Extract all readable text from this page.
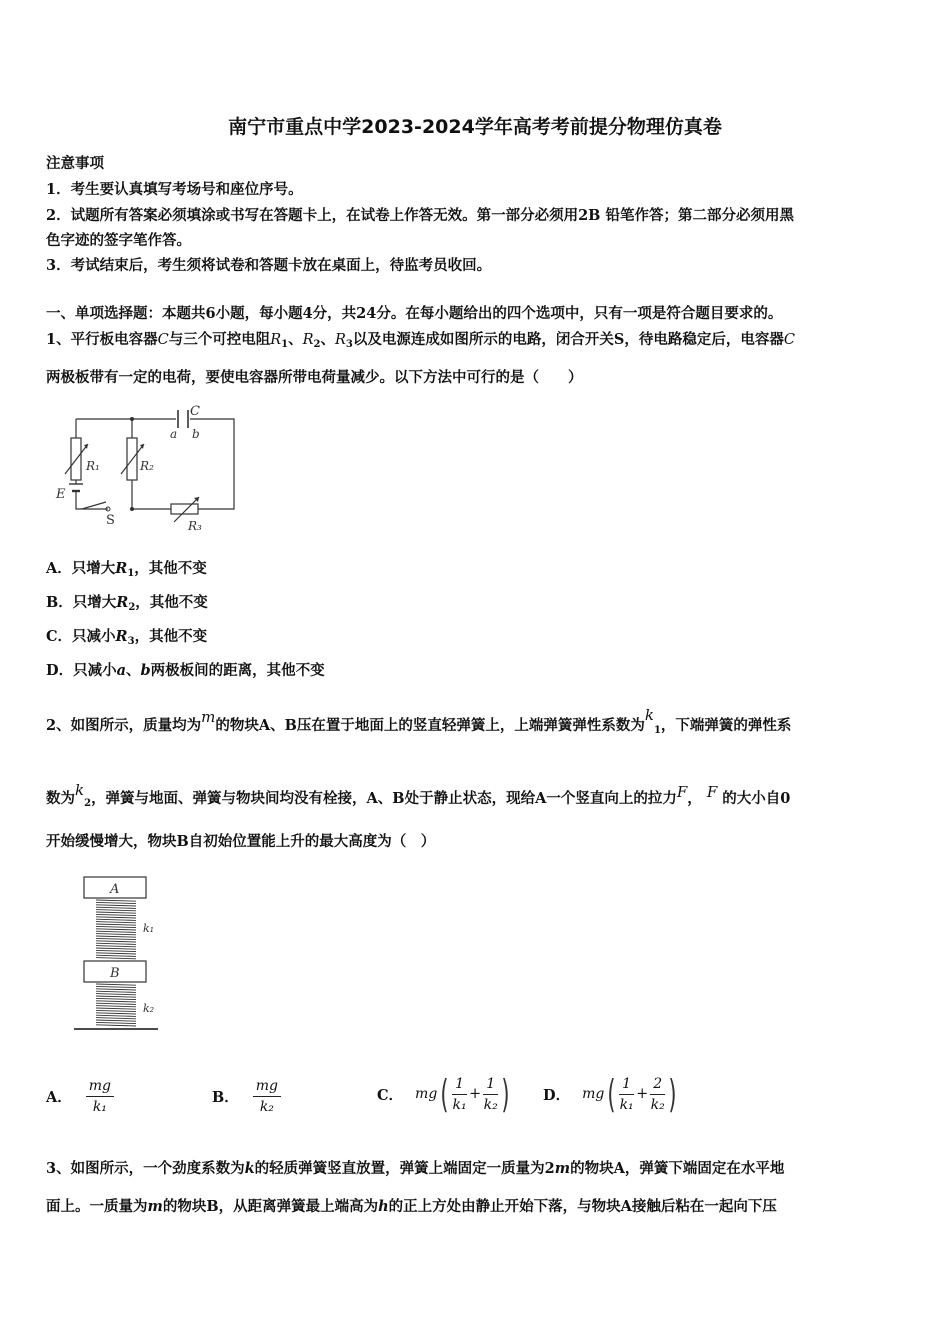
南宁市重点中学2023-2024学年高考考前提分物理仿真卷
注意事项
1．考生要认真填写考场号和座位序号。
2．试题所有答案必须填涂或书写在答题卡上，在试卷上作答无效。第一部分必须用2B 铅笔作答；第二部分必须用黑
色字迹的签字笔作答。
3．考试结束后，考生须将试卷和答题卡放在桌面上，待监考员收回。
一、单项选择题：本题共6小题，每小题4分，共24分。在每小题给出的四个选项中，只有一项是符合题目要求的。
1、平行板电容器C与三个可控电阻$R_1$、$R_2$、$R_3$以及电源连成如图所示的电路，闭合开关S，待电路稳定后，电容器C
两极板带有一定的电荷，要使电容器所带电荷量减少。以下方法中可行的是（　　）
C
a b
R₁	R₂
R₃
E
S
A．只增大$R_1$，其他不变
B．只增大$R_2$，其他不变
C．只减小$R_3$，其他不变
D．只减小a、b两极板间的距离，其他不变
2、如图所示，质量均为m的物块A、B压在置于地面上的竖直轻弹簧上，上端弹簧弹性系数为$k_1$，下端弹簧的弹性系
数为$k_2$，弹簧与地面、弹簧与物块间均没有栓接，A、B处于静止状态，现给A一个竖直向上的拉力F， F 的大小自0
开始缓慢增大，物块B自初始位置能上升的最大高度为（　）
A
B
k₁
k₂
A． $\frac{mg}{\text{k₁}}$	B． $\frac{mg}{\text{k₂}}$	C． mg ( $\frac{1}{\text{k₁}} + \frac{1}{\text{k₂}}$ ) D． mg ( $\frac{1}{\text{k₁}} + \frac{2}{\text{k₂}}$ )
3、如图所示，一个劲度系数为k的轻质弹簧竖直放置，弹簧上端固定一质量为2m的物块A，弹簧下端固定在水平地
面上。一质量为m的物块B，从距离弹簧最上端高为h的正上方处由静止开始下落，与物块A接触后粘在一起向下压
